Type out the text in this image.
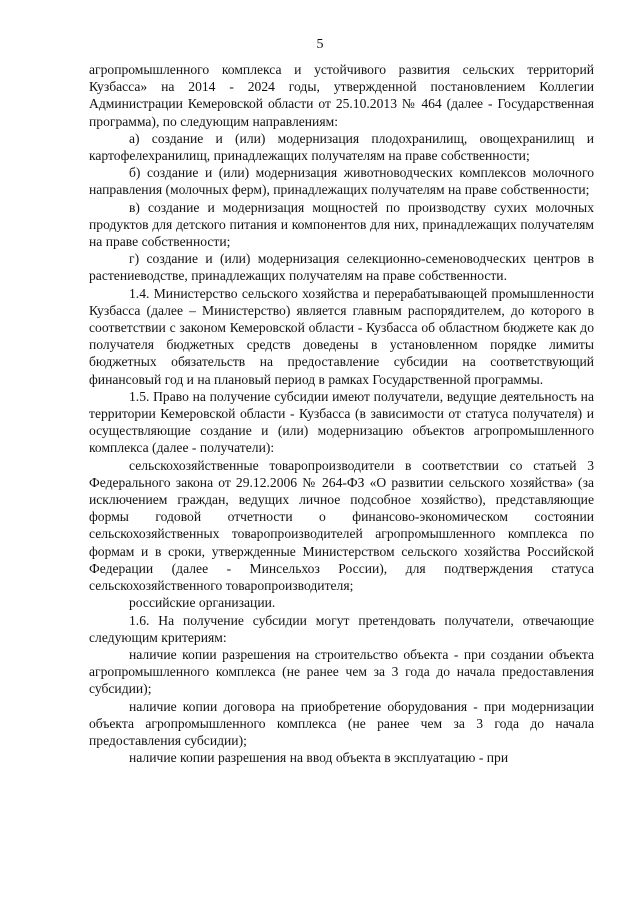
5

агропромышленного комплекса и устойчивого развития сельских территорий Кузбасса» на 2014 - 2024 годы, утвержденной постановлением Коллегии Администрации Кемеровской области от 25.10.2013 № 464 (далее - Государственная программа), по следующим направлениям:

а) создание и (или) модернизация плодохранилищ, овощехранилищ и картофелехранилищ, принадлежащих получателям на праве собственности;

б) создание и (или) модернизация животноводческих комплексов молочного направления (молочных ферм), принадлежащих получателям на праве собственности;

в) создание и модернизация мощностей по производству сухих молочных продуктов для детского питания и компонентов для них, принадлежащих получателям на праве собственности;

г) создание и (или) модернизация селекционно-семеноводческих центров в растениеводстве, принадлежащих получателям на праве собственности.

1.4. Министерство сельского хозяйства и перерабатывающей промышленности Кузбасса (далее – Министерство) является главным распорядителем, до которого в соответствии с законом Кемеровской области - Кузбасса об областном бюджете как до получателя бюджетных средств доведены в установленном порядке лимиты бюджетных обязательств на предоставление субсидии на соответствующий финансовый год и на плановый период в рамках Государственной программы.

1.5. Право на получение субсидии имеют получатели, ведущие деятельность на территории Кемеровской области - Кузбасса (в зависимости от статуса получателя) и осуществляющие создание и (или) модернизацию объектов агропромышленного комплекса (далее - получатели):

сельскохозяйственные товаропроизводители в соответствии со статьей 3 Федерального закона от 29.12.2006 № 264-ФЗ «О развитии сельского хозяйства» (за исключением граждан, ведущих личное подсобное хозяйство), представляющие формы годовой отчетности о финансово-экономическом состоянии сельскохозяйственных товаропроизводителей агропромышленного комплекса по формам и в сроки, утвержденные Министерством сельского хозяйства Российской Федерации (далее - Минсельхоз России), для подтверждения статуса сельскохозяйственного товаропроизводителя;

российские организации.

1.6. На получение субсидии могут претендовать получатели, отвечающие следующим критериям:

наличие копии разрешения на строительство объекта - при создании объекта агропромышленного комплекса (не ранее чем за 3 года до начала предоставления субсидии);

наличие копии договора на приобретение оборудования - при модернизации объекта агропромышленного комплекса (не ранее чем за 3 года до начала предоставления субсидии);

наличие копии разрешения на ввод объекта в эксплуатацию - при
